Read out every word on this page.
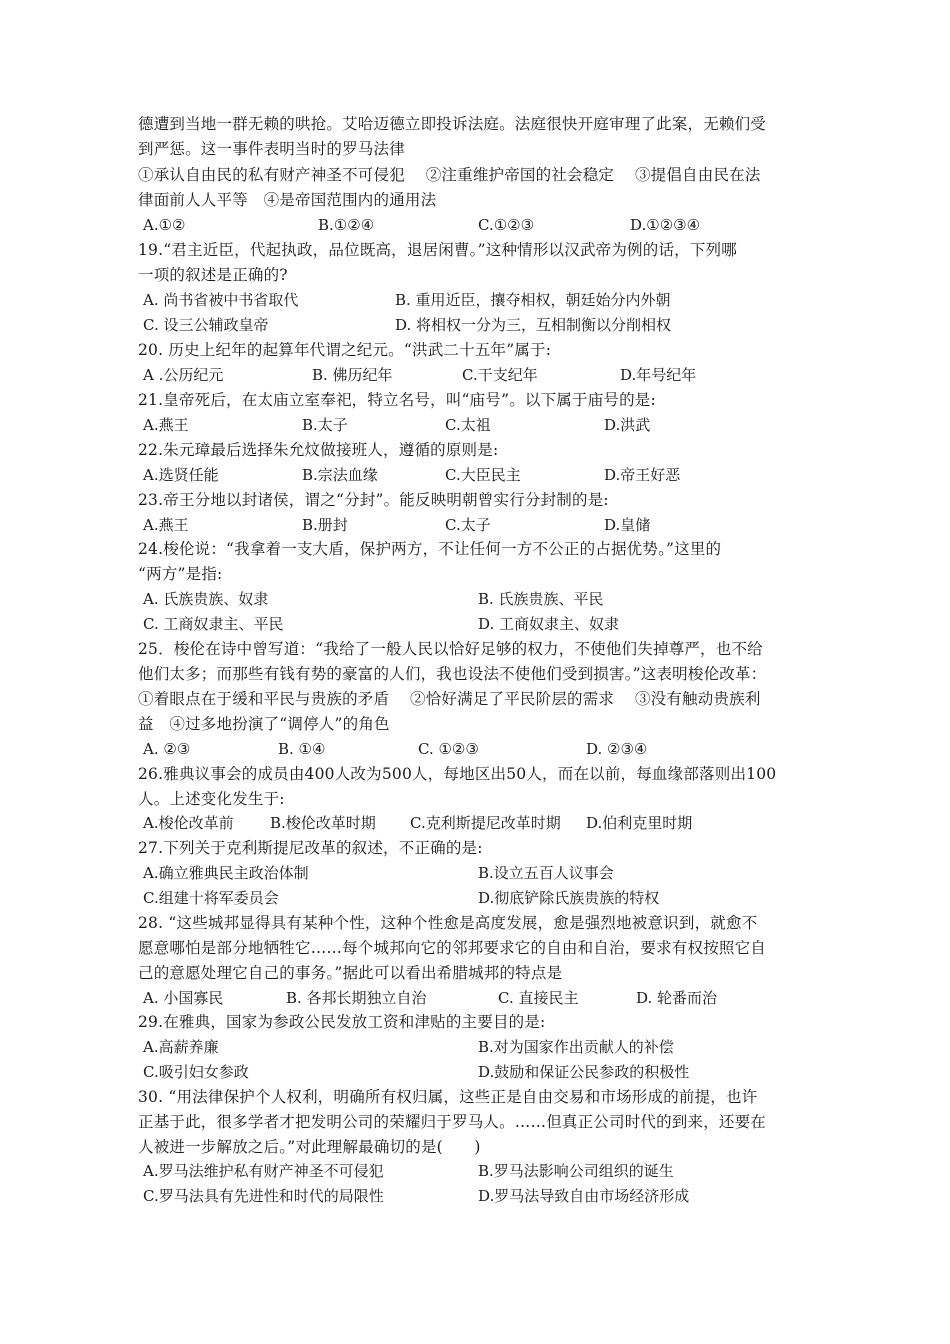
德遭到当地一群无赖的哄抢。艾哈迈德立即投诉法庭。法庭很快开庭审理了此案，无赖们受
到严惩。这一事件表明当时的罗马法律
①承认自由民的私有财产神圣不可侵犯　 ②注重维护帝国的社会稳定　 ③提倡自由民在法
律面前人人平等　④是帝国范围内的通用法
A.①②	B.①②④	C.①②③	D.①②③④
19.“君主近臣，代起执政，品位既高，退居闲曹。”这种情形以汉武帝为例的话，下列哪
一项的叙述是正确的?
A. 尚书省被中书省取代	B. 重用近臣，攘夺相权，朝廷始分内外朝
C. 设三公辅政皇帝	D. 将相权一分为三，互相制衡以分削相权
20. 历史上纪年的起算年代谓之纪元。“洪武二十五年”属于:
A .公历纪元	B. 佛历纪年	C.干支纪年	D.年号纪年
21.皇帝死后，在太庙立室奉祀，特立名号，叫“庙号”。以下属于庙号的是:
A.燕王	B.太子	C.太祖	D.洪武
22.朱元璋最后选择朱允炆做接班人，遵循的原则是:
A.选贤任能	B.宗法血缘	C.大臣民主	D.帝王好恶
23.帝王分地以封诸侯，谓之“分封”。能反映明朝曾实行分封制的是:
A.燕王	B.册封	C.太子	D.皇储
24.梭伦说：“我拿着一支大盾，保护两方，不让任何一方不公正的占据优势。”这里的
“两方”是指:
A. 氏族贵族、奴隶	B. 氏族贵族、平民
C. 工商奴隶主、平民	D. 工商奴隶主、奴隶
25．梭伦在诗中曾写道：“我给了一般人民以恰好足够的权力，不使他们失掉尊严，也不给
他们太多；而那些有钱有势的豪富的人们，我也设法不使他们受到损害。”这表明梭伦改革：
①着眼点在于缓和平民与贵族的矛盾　 ②恰好满足了平民阶层的需求　 ③没有触动贵族利
益　④过多地扮演了“调停人”的角色
A. ②③	B. ①④	C. ①②③	D. ②③④
26.雅典议事会的成员由400人改为500人，每地区出50人，而在以前，每血缘部落则出100
人。上述变化发生于:
A.梭伦改革前 B.梭伦改革时期 C.克利斯提尼改革时期 D.伯利克里时期
27.下列关于克利斯提尼改革的叙述，不正确的是:
A.确立雅典民主政治体制	B.设立五百人议事会
C.组建十将军委员会	D.彻底铲除氏族贵族的特权
28. “这些城邦显得具有某种个性，这种个性愈是高度发展，愈是强烈地被意识到，就愈不
愿意哪怕是部分地牺牲它……每个城邦向它的邻邦要求它的自由和自治，要求有权按照它自
己的意愿处理它自己的事务。”据此可以看出希腊城邦的特点是
A. 小国寡民	B. 各邦长期独立自治	C. 直接民主	D. 轮番而治
29.在雅典，国家为参政公民发放工资和津贴的主要目的是:
A.高薪养廉	B.对为国家作出贡献人的补偿
C.吸引妇女参政	D.鼓励和保证公民参政的积极性
30. “用法律保护个人权利，明确所有权归属，这些正是自由交易和市场形成的前提，也许
正基于此，很多学者才把发明公司的荣耀归于罗马人。……但真正公司时代的到来，还要在
人被进一步解放之后。”对此理解最确切的是(　　)
A.罗马法维护私有财产神圣不可侵犯	B.罗马法影响公司组织的诞生
C.罗马法具有先进性和时代的局限性	D.罗马法导致自由市场经济形成
